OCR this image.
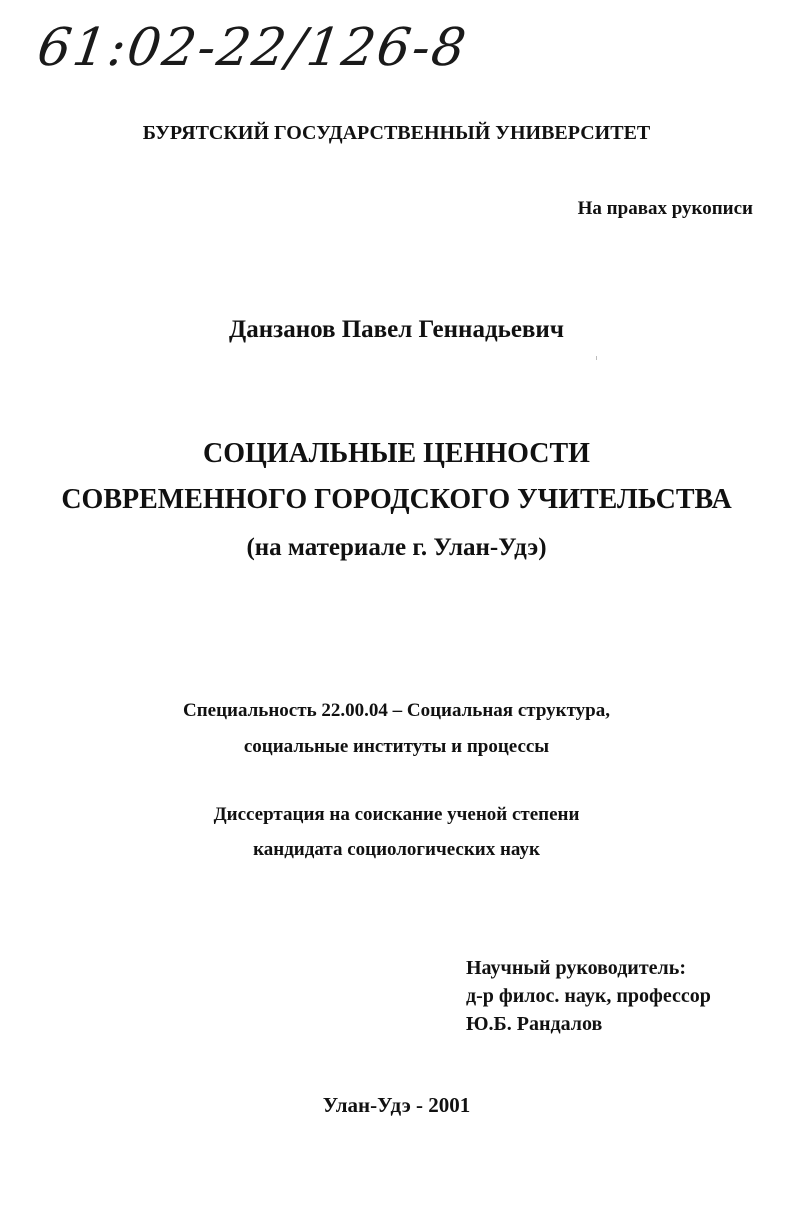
61:02-22/126-8
БУРЯТСКИЙ ГОСУДАРСТВЕННЫЙ УНИВЕРСИТЕТ
На правах рукописи
Данзанов Павел Геннадьевич
СОЦИАЛЬНЫЕ ЦЕННОСТИ
СОВРЕМЕННОГО ГОРОДСКОГО УЧИТЕЛЬСТВА
(на материале г. Улан-Удэ)
Специальность 22.00.04 – Социальная структура,
социальные институты и процессы
Диссертация на соискание ученой степени
кандидата социологических наук
Научный руководитель:
д-р филос. наук, профессор
Ю.Б. Рандалов
Улан-Удэ - 2001
